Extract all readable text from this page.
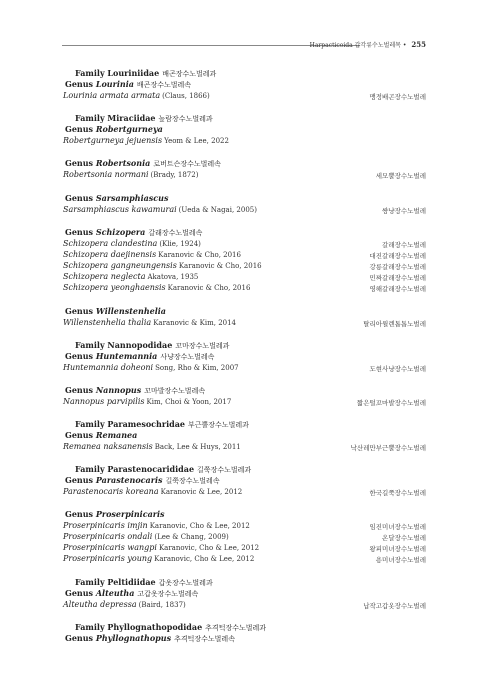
Harpacticoida 갑각류수노벌레목 • 255
Family Louriniidae 배곤장수노벌레과
Genus Lourinia 배곤장수노벌레속
Lourinia armata armata (Claus, 1866)	맹정배곤장수노벌레
Family Miraciidae 높람장수노벌레과
Genus Robertgurneya
Robertgurneya jejuensis Yeom & Lee, 2022
Genus Robertsonia 로버트슨장수노벌레속
Robertsonia normani (Brady, 1872)	세모뿔장수노벌레
Genus Sarsamphiascus
Sarsamphiascus kawamurai (Ueda & Nagai, 2005)	썅냥장수노벌레
Genus Schizopera 갈래장수노벌레속
Schizopera clandestina (Klie, 1924)	갈래장수노벌레
Schizopera daejinensis Karanovic & Cho, 2016	대진갈래장수노벌레
Schizopera gangneungensis Karanovic & Cho, 2016	강릉갈래장수노벌레
Schizopera neglecta Akatova, 1935	민짜갈래장수노벌레
Schizopera yeonghaensis Karanovic & Cho, 2016	영해갈래장수노벌레
Genus Willenstenhelia
Willenstenhelia thalia Karanovic & Kim, 2014	탈리아윌렌톱톱노벌레
Family Nannopodidae 꼬마장수노벌레과
Genus Huntemannia 사냥장수노벌레속
Huntemannia doheoni Song, Rho & Kim, 2007	도현사냥장수노벌레
Genus Nannopus 꼬마발장수노벌레속
Nannopus parvipilis Kim, Choi & Yoon, 2017	짧은털꼬마발장수노벌레
Family Paramesochridae 부근뿔장수노벌레과
Genus Remanea
Remanea naksanensis Back, Lee & Huys, 2011	낙산레만부근뿔장수노벌레
Family Parastenocarididae 길쭉장수노벌레과
Genus Parastenocaris 길쭉장수노벌레속
Parastenocaris koreana Karanovic & Lee, 2012	한국길쭉장수노벌레
Genus Proserpinicaris
Proserpinicaris imjin Karanovic, Cho & Lee, 2012	임진미녀장수노벌레
Proserpinicaris ondali (Lee & Chang, 2009)	온달장수노벌레
Proserpinicaris wangpi Karanovic, Cho & Lee, 2012	왕피미녀장수노벌레
Proserpinicaris young Karanovic, Cho & Lee, 2012	용미녀장수노벌레
Family Peltidiidae 갑옷장수노벌레과
Genus Alteutha 고갑옷장수노벌레속
Alteutha depressa (Baird, 1837)	납작고갑옷장수노벌레
Family Phyllognathopodidae 추격턱장수노벌레과
Genus Phyllognathopus 추격턱장수노벌레속
